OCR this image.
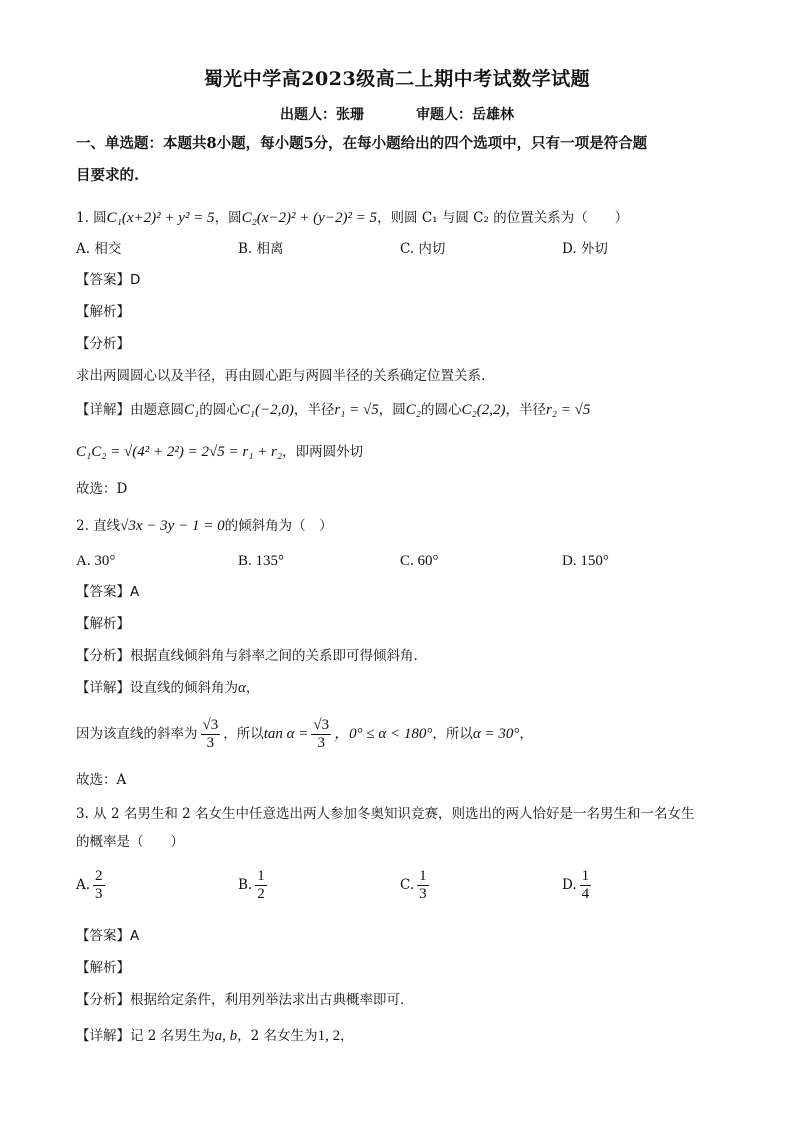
蜀光中学高2023级高二上期中考试数学试题
出题人：张珊	审题人：岳雄林
一、单选题：本题共8小题，每小题5分，在每小题给出的四个选项中，只有一项是符合题
目要求的.
1. 圆C₁(x+2)² + y² = 5，圆C₂(x−2)² + (y−2)² = 5，则圆 C₁ 与圆 C₂ 的位置关系为（　　）
A. 相交	B. 相离	C. 内切	D. 外切
【答案】D
【解析】
【分析】
求出两圆圆心以及半径，再由圆心距与两圆半径的关系确定位置关系.
【详解】由题意圆C₁的圆心C₁(−2,0)，半径r₁ = √5，圆C₂的圆心C₂(2,2)，半径r₂ = √5
C₁C₂ = √(4² + 2²) = 2√5 = r₁ + r₂，即两圆外切
故选：D
2. 直线√3x − 3y − 1 = 0的倾斜角为（　）
A. 30°	B. 135°	C. 60°	D. 150°
【答案】A
【解析】
【分析】根据直线倾斜角与斜率之间的关系即可得倾斜角.
【详解】设直线的倾斜角为α，
因为该直线的斜率为 $\frac{√3}{3}$ ，所以$\tan \alpha = \frac{√3}{3}$ ，0° ≤ α < 180°，所以α = 30°，
故选：A
3. 从 2 名男生和 2 名女生中任意选出两人参加冬奥知识竞赛，则选出的两人恰好是一名男生和一名女生
的概率是（　　）
A. $\frac{2}{3}$	B. $\frac{1}{2}$	C. $\frac{1}{3}$	D. $\frac{1}{4}$
【答案】A
【解析】
【分析】根据给定条件，利用列举法求出古典概率即可.
【详解】记 2 名男生为a, b，2 名女生为1, 2，
